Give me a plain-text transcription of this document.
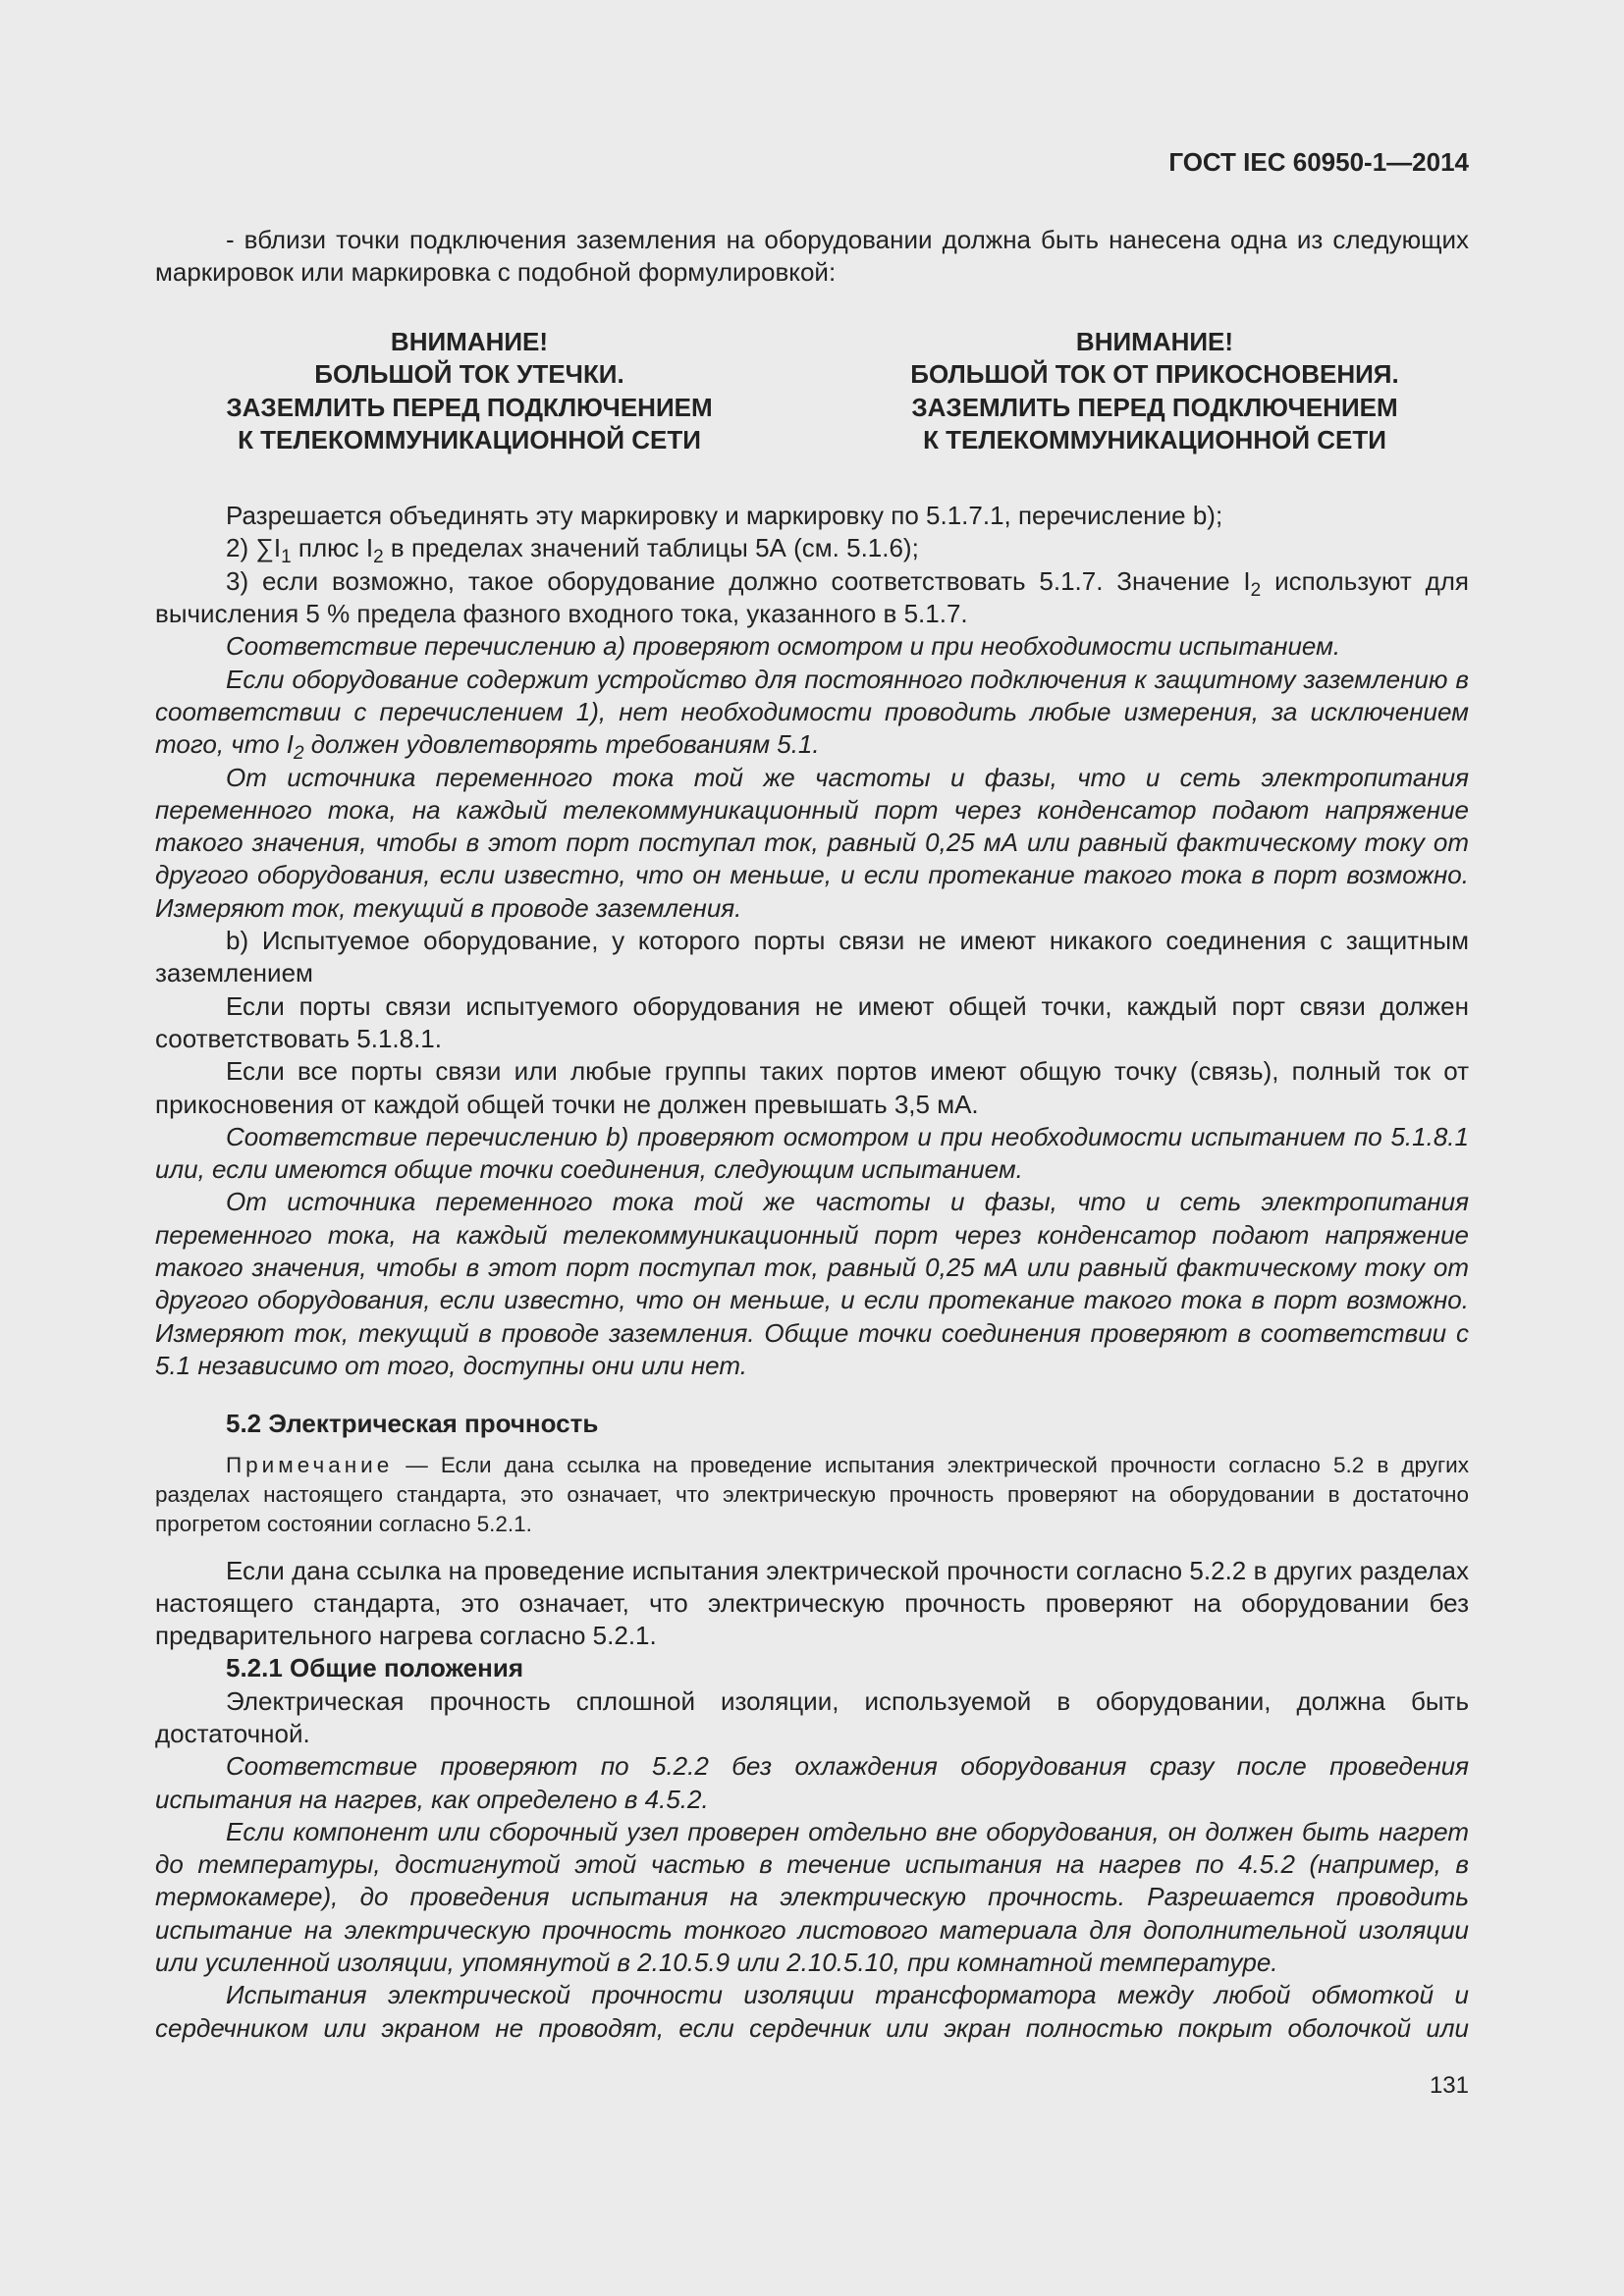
ГОСТ IEC 60950-1—2014

- вблизи точки подключения заземления на оборудовании должна быть нанесена одна из следующих маркировок или маркировка с подобной формулировкой:

ВНИМАНИЕ!
БОЛЬШОЙ ТОК УТЕЧКИ.
ЗАЗЕМЛИТЬ ПЕРЕД ПОДКЛЮЧЕНИЕМ
К ТЕЛЕКОММУНИКАЦИОННОЙ СЕТИ
ВНИМАНИЕ!
БОЛЬШОЙ ТОК ОТ ПРИКОСНОВЕНИЯ.
ЗАЗЕМЛИТЬ ПЕРЕД ПОДКЛЮЧЕНИЕМ
К ТЕЛЕКОММУНИКАЦИОННОЙ СЕТИ

Разрешается объединять эту маркировку и маркировку по 5.1.7.1, перечисление b);

2) $\sum I_1$ плюс $I_2$ в пределах значений таблицы 5А (см. 5.1.6);

3) если возможно, такое оборудование должно соответствовать 5.1.7. Значение $I_2$ используют для вычисления 5 % предела фазного входного тока, указанного в 5.1.7.

Соответствие перечислению а) проверяют осмотром и при необходимости испытанием.

Если оборудование содержит устройство для постоянного подключения к защитному заземлению в соответствии с перечислением 1), нет необходимости проводить любые измерения, за исключением того, что $I_2$ должен удовлетворять требованиям 5.1.

От источника переменного тока той же частоты и фазы, что и сеть электропитания переменного тока, на каждый телекоммуникационный порт через конденсатор подают напряжение такого значения, чтобы в этот порт поступал ток, равный 0,25 мА или равный фактическому току от другого оборудования, если известно, что он меньше, и если протекание такого тока в порт возможно. Измеряют ток, текущий в проводе заземления.

b) Испытуемое оборудование, у которого порты связи не имеют никакого соединения с защитным заземлением

Если порты связи испытуемого оборудования не имеют общей точки, каждый порт связи должен соответствовать 5.1.8.1.

Если все порты связи или любые группы таких портов имеют общую точку (связь), полный ток от прикосновения от каждой общей точки не должен превышать 3,5 мА.

Соответствие перечислению b) проверяют осмотром и при необходимости испытанием по 5.1.8.1 или, если имеются общие точки соединения, следующим испытанием.

От источника переменного тока той же частоты и фазы, что и сеть электропитания переменного тока, на каждый телекоммуникационный порт через конденсатор подают напряжение такого значения, чтобы в этот порт поступал ток, равный 0,25 мА или равный фактическому току от другого оборудования, если известно, что он меньше, и если протекание такого тока в порт возможно. Измеряют ток, текущий в проводе заземления. Общие точки соединения проверяют в соответствии с 5.1 независимо от того, доступны они или нет.

5.2 Электрическая прочность

Примечание — Если дана ссылка на проведение испытания электрической прочности согласно 5.2 в других разделах настоящего стандарта, это означает, что электрическую прочность проверяют на оборудовании в достаточно прогретом состоянии согласно 5.2.1.

Если дана ссылка на проведение испытания электрической прочности согласно 5.2.2 в других разделах настоящего стандарта, это означает, что электрическую прочность проверяют на оборудовании без предварительного нагрева согласно 5.2.1.

5.2.1 Общие положения

Электрическая прочность сплошной изоляции, используемой в оборудовании, должна быть достаточной.

Соответствие проверяют по 5.2.2 без охлаждения оборудования сразу после проведения испытания на нагрев, как определено в 4.5.2.

Если компонент или сборочный узел проверен отдельно вне оборудования, он должен быть нагрет до температуры, достигнутой этой частью в течение испытания на нагрев по 4.5.2 (например, в термокамере), до проведения испытания на электрическую прочность. Разрешается проводить испытание на электрическую прочность тонкого листового материала для дополнительной изоляции или усиленной изоляции, упомянутой в 2.10.5.9 или 2.10.5.10, при комнатной температуре.

Испытания электрической прочности изоляции трансформатора между любой обмоткой и сердечником или экраном не проводят, если сердечник или экран полностью покрыт оболочкой или

131
